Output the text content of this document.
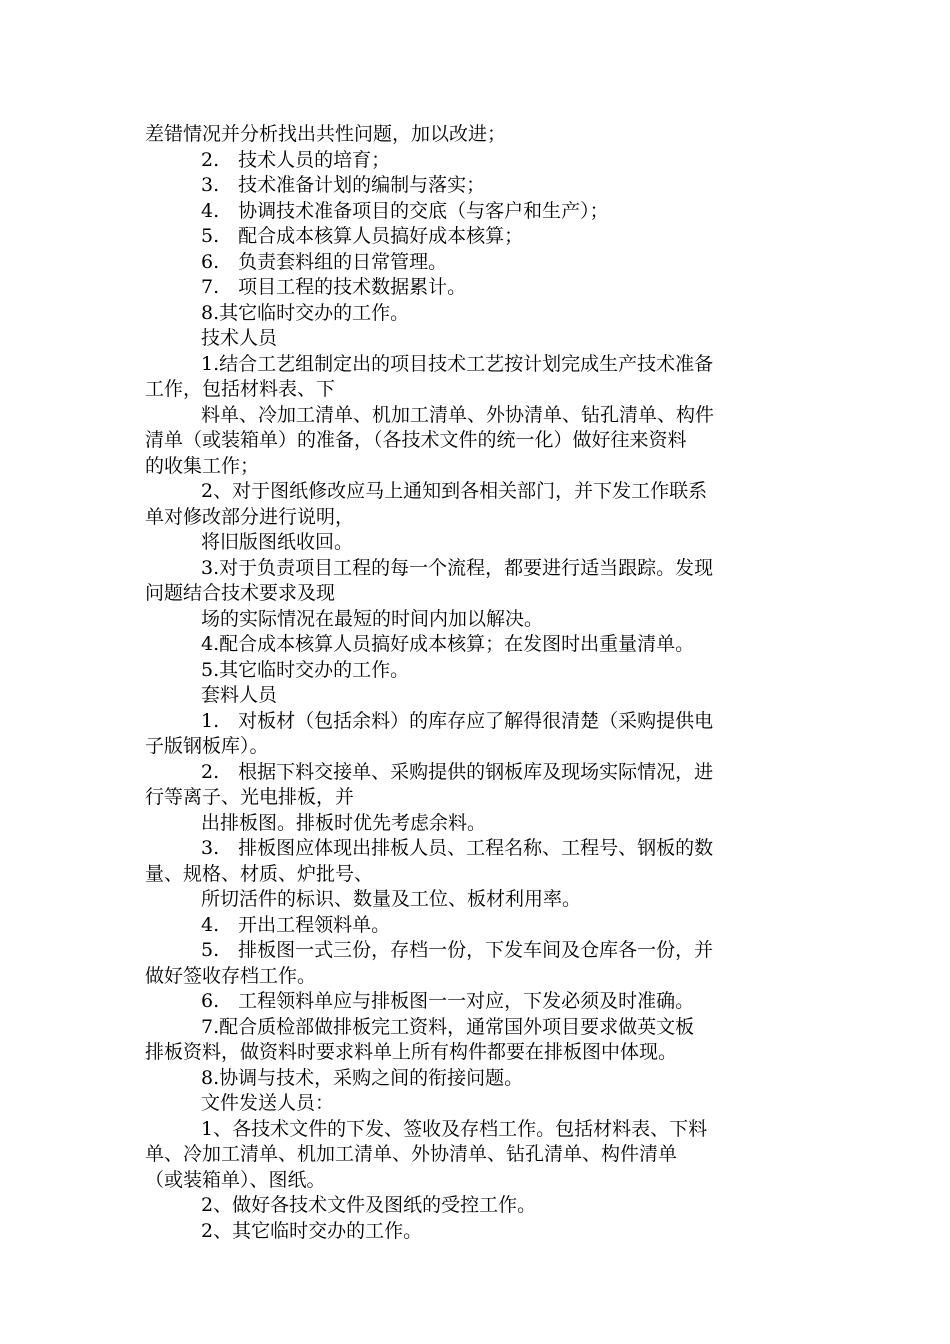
差错情况并分析找出共性问题，加以改进；
2.　技术人员的培育；
3.　技术准备计划的编制与落实；
4.　协调技术准备项目的交底（与客户和生产）；
5.　配合成本核算人员搞好成本核算；
6.　负责套料组的日常管理。
7.　项目工程的技术数据累计。
8.其它临时交办的工作。
技术人员
1.结合工艺组制定出的项目技术工艺按计划完成生产技术准备
工作，包括材料表、下
料单、冷加工清单、机加工清单、外协清单、钻孔清单、构件
清单（或装箱单）的准备，（各技术文件的统一化）做好往来资料
的收集工作；
2、对于图纸修改应马上通知到各相关部门，并下发工作联系
单对修改部分进行说明，
将旧版图纸收回。
3.对于负责项目工程的每一个流程，都要进行适当跟踪。发现
问题结合技术要求及现
场的实际情况在最短的时间内加以解决。
4.配合成本核算人员搞好成本核算；在发图时出重量清单。
5.其它临时交办的工作。
套料人员
1.　对板材（包括余料）的库存应了解得很清楚（采购提供电
子版钢板库）。
2.　根据下料交接单、采购提供的钢板库及现场实际情况，进
行等离子、光电排板，并
出排板图。排板时优先考虑余料。
3.　排板图应体现出排板人员、工程名称、工程号、钢板的数
量、规格、材质、炉批号、
所切活件的标识、数量及工位、板材利用率。
4.　开出工程领料单。
5.　排板图一式三份，存档一份，下发车间及仓库各一份，并
做好签收存档工作。
6.　工程领料单应与排板图一一对应，下发必须及时准确。
7.配合质检部做排板完工资料，通常国外项目要求做英文板
排板资料，做资料时要求料单上所有构件都要在排板图中体现。
8.协调与技术，采购之间的衔接问题。
文件发送人员：
1、各技术文件的下发、签收及存档工作。包括材料表、下料
单、冷加工清单、机加工清单、外协清单、钻孔清单、构件清单
（或装箱单）、图纸。
2、做好各技术文件及图纸的受控工作。
2、其它临时交办的工作。
